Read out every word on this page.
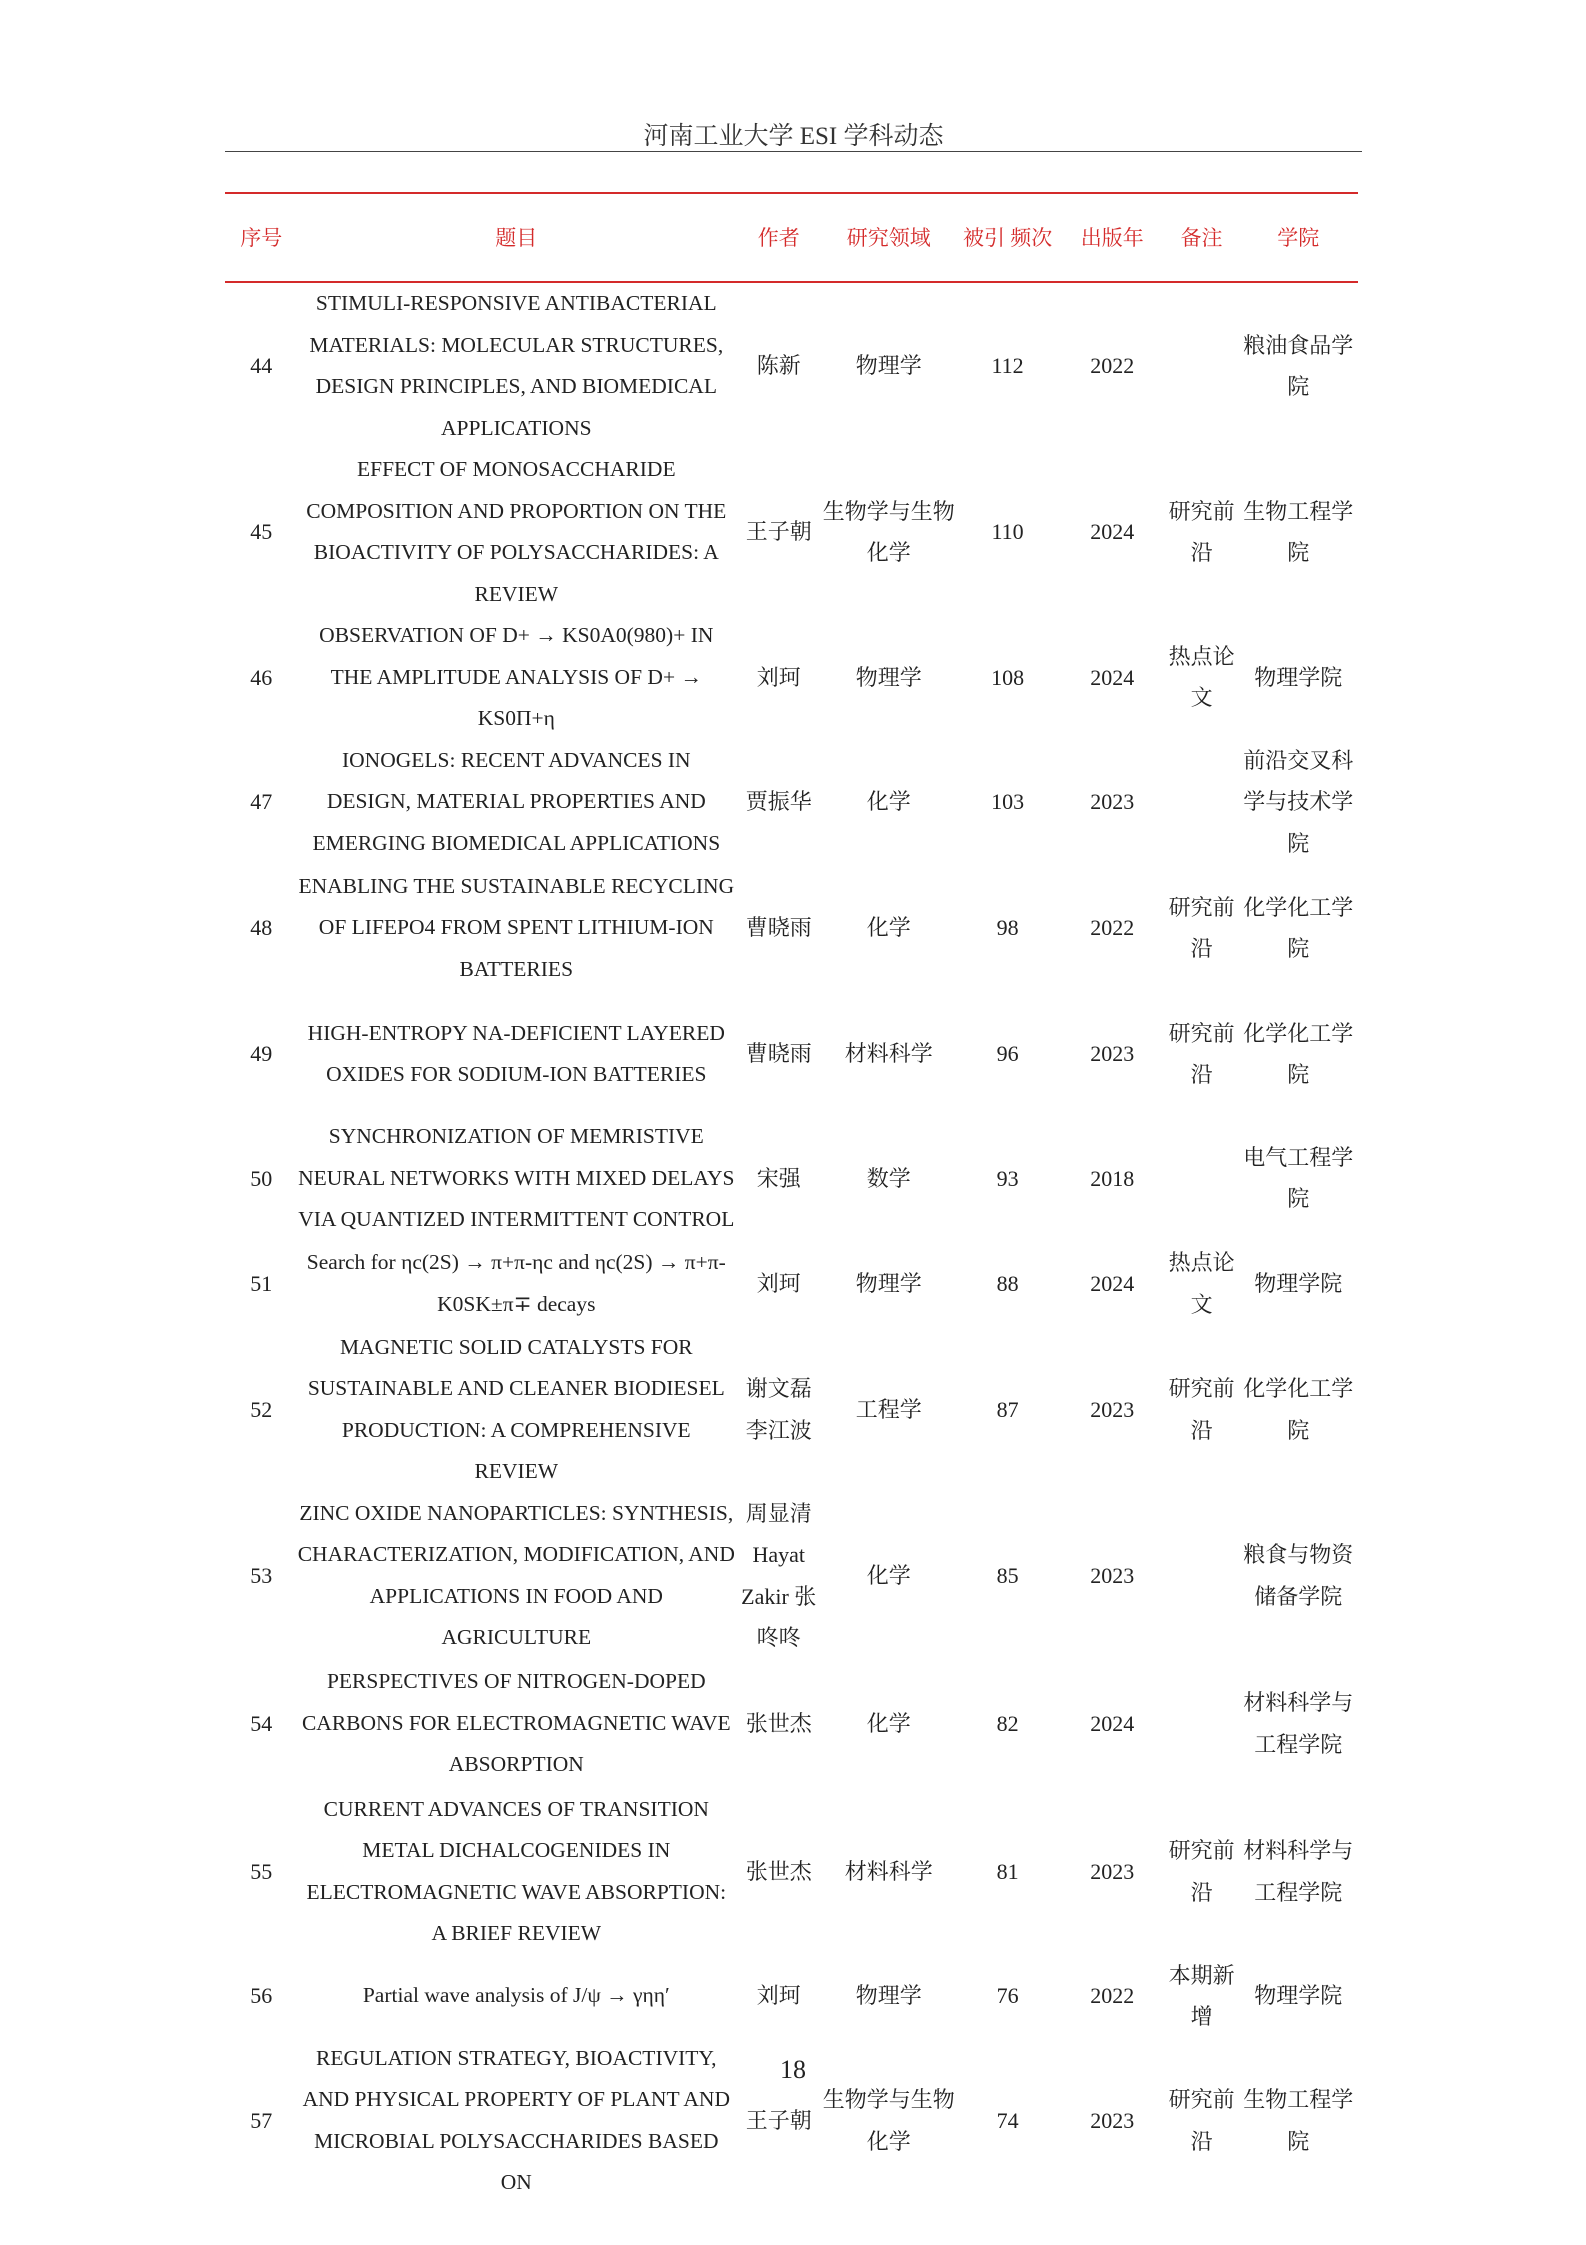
河南工业大学 ESI 学科动态
序号	题目	作者	研究领域	被引 频次	出版年	备注	学院
44	STIMULI-RESPONSIVE ANTIBACTERIAL MATERIALS: MOLECULAR STRUCTURES, DESIGN PRINCIPLES, AND BIOMEDICAL APPLICATIONS	陈新	物理学	112	2022		粮油食品学院
45	EFFECT OF MONOSACCHARIDE COMPOSITION AND PROPORTION ON THE BIOACTIVITY OF POLYSACCHARIDES: A REVIEW	王子朝	生物学与生物化学	110	2024	研究前沿	生物工程学院
46	OBSERVATION OF D+ → KS0A0(980)+ IN THE AMPLITUDE ANALYSIS OF D+ → KS0Π+η	刘珂	物理学	108	2024	热点论文	物理学院
47	IONOGELS: RECENT ADVANCES IN DESIGN, MATERIAL PROPERTIES AND EMERGING BIOMEDICAL APPLICATIONS	贾振华	化学	103	2023		前沿交叉科学与技术学院
48	ENABLING THE SUSTAINABLE RECYCLING OF LIFEPO4 FROM SPENT LITHIUM-ION BATTERIES	曹晓雨	化学	98	2022	研究前沿	化学化工学院
49	HIGH-ENTROPY NA-DEFICIENT LAYERED OXIDES FOR SODIUM-ION BATTERIES	曹晓雨	材料科学	96	2023	研究前沿	化学化工学院
50	SYNCHRONIZATION OF MEMRISTIVE NEURAL NETWORKS WITH MIXED DELAYS VIA QUANTIZED INTERMITTENT CONTROL	宋强	数学	93	2018		电气工程学院
51	Search for ηc(2S) → π+π-ηc and ηc(2S) → π+π-K0SK±π∓ decays	刘珂	物理学	88	2024	热点论文	物理学院
52	MAGNETIC SOLID CATALYSTS FOR SUSTAINABLE AND CLEANER BIODIESEL PRODUCTION: A COMPREHENSIVE REVIEW	谢文磊 李江波	工程学	87	2023	研究前沿	化学化工学院
53	ZINC OXIDE NANOPARTICLES: SYNTHESIS, CHARACTERIZATION, MODIFICATION, AND APPLICATIONS IN FOOD AND AGRICULTURE	周显清 Hayat Zakir 张咚咚	化学	85	2023		粮食与物资储备学院
54	PERSPECTIVES OF NITROGEN-DOPED CARBONS FOR ELECTROMAGNETIC WAVE ABSORPTION	张世杰	化学	82	2024		材料科学与工程学院
55	CURRENT ADVANCES OF TRANSITION METAL DICHALCOGENIDES IN ELECTROMAGNETIC WAVE ABSORPTION: A BRIEF REVIEW	张世杰	材料科学	81	2023	研究前沿	材料科学与工程学院
56	Partial wave analysis of J/ψ → γηη′	刘珂	物理学	76	2022	本期新增	物理学院
57	REGULATION STRATEGY, BIOACTIVITY, AND PHYSICAL PROPERTY OF PLANT AND MICROBIAL POLYSACCHARIDES BASED ON	王子朝	生物学与生物化学	74	2023	研究前沿	生物工程学院
18
